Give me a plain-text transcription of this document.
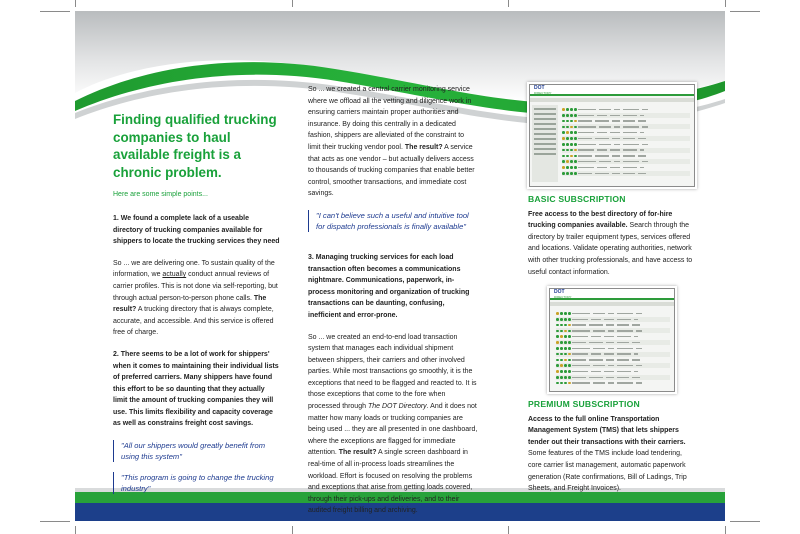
Finding qualified trucking companies to haul available freight is a chronic problem.
Here are some simple points...

1. We found a complete lack of a useable directory of trucking companies available for shippers to locate the trucking services they need

So ... we are delivering one. To sustain quality of the information, we actually conduct annual reviews of carrier profiles. This is not done via self-reporting, but through actual person-to-person phone calls. The result? A trucking directory that is always complete, accurate, and accessible. And this service is offered free of charge.

2. There seems to be a lot of work for shippers' when it comes to maintaining their individual lists of preferred carriers. Many shippers have found this effort to be so daunting that they actually limit the amount of trucking companies they will use. This limits flexibility and capacity coverage as well as constrains freight cost savings.

"All our shippers would greatly benefit from using this system"
"This program is going to change the trucking industry"

So ... we created a central carrier monitoring service where we offload all the vetting and diligence work in ensuring carriers maintain proper authorities and insurance. By doing this centrally in a dedicated fashion, shippers are alleviated of the constraint to limit their trucking vendor pool. The result? A service that acts as one vendor – but actually delivers access to thousands of trucking companies that enable better control, smoother transactions, and immediate cost savings.

"I can't believe such a useful and intuitive tool for dispatch professionals is finally available"

3. Managing trucking services for each load transaction often becomes a communications nightmare. Communications, paperwork, in-process monitoring and organization of trucking transactions can be daunting, confusing, inefficient and error-prone.

So ... we created an end-to-end load transaction system that manages each individual shipment between shippers, their carriers and other involved parties. While most transactions go smoothly, it is the exceptions that need to be flagged and reacted to. It is those exceptions that come to the fore when processed through The DOT Directory. And it does not matter how many loads or trucking companies are being used ... they are all presented in one dashboard, where the exceptions are flagged for immediate attention. The result? A single screen dashboard in real-time of all in-process loads streamlines the workload. Effort is focused on resolving the problems and exceptions that arise from getting loads covered, through their pick-ups and deliveries, and to their audited freight billing and archiving.

DOT
DIRECTORY
BASIC SUBSCRIPTION

Free access to the best directory of for-hire trucking companies available. Search through the directory by trailer equipment types, services offered and locations. Validate operating authorities, network with other trucking professionals, and have access to useful contact information.

DOT
DIRECTORY
PREMIUM SUBSCRIPTION

Access to the full online Transportation Management System (TMS) that lets shippers tender out their transactions with their carriers. Some features of the TMS include load tendering, core carrier list management, automatic paperwork generation (Rate confirmations, Bill of Ladings, Trip Sheets, and Freight Invoices).
